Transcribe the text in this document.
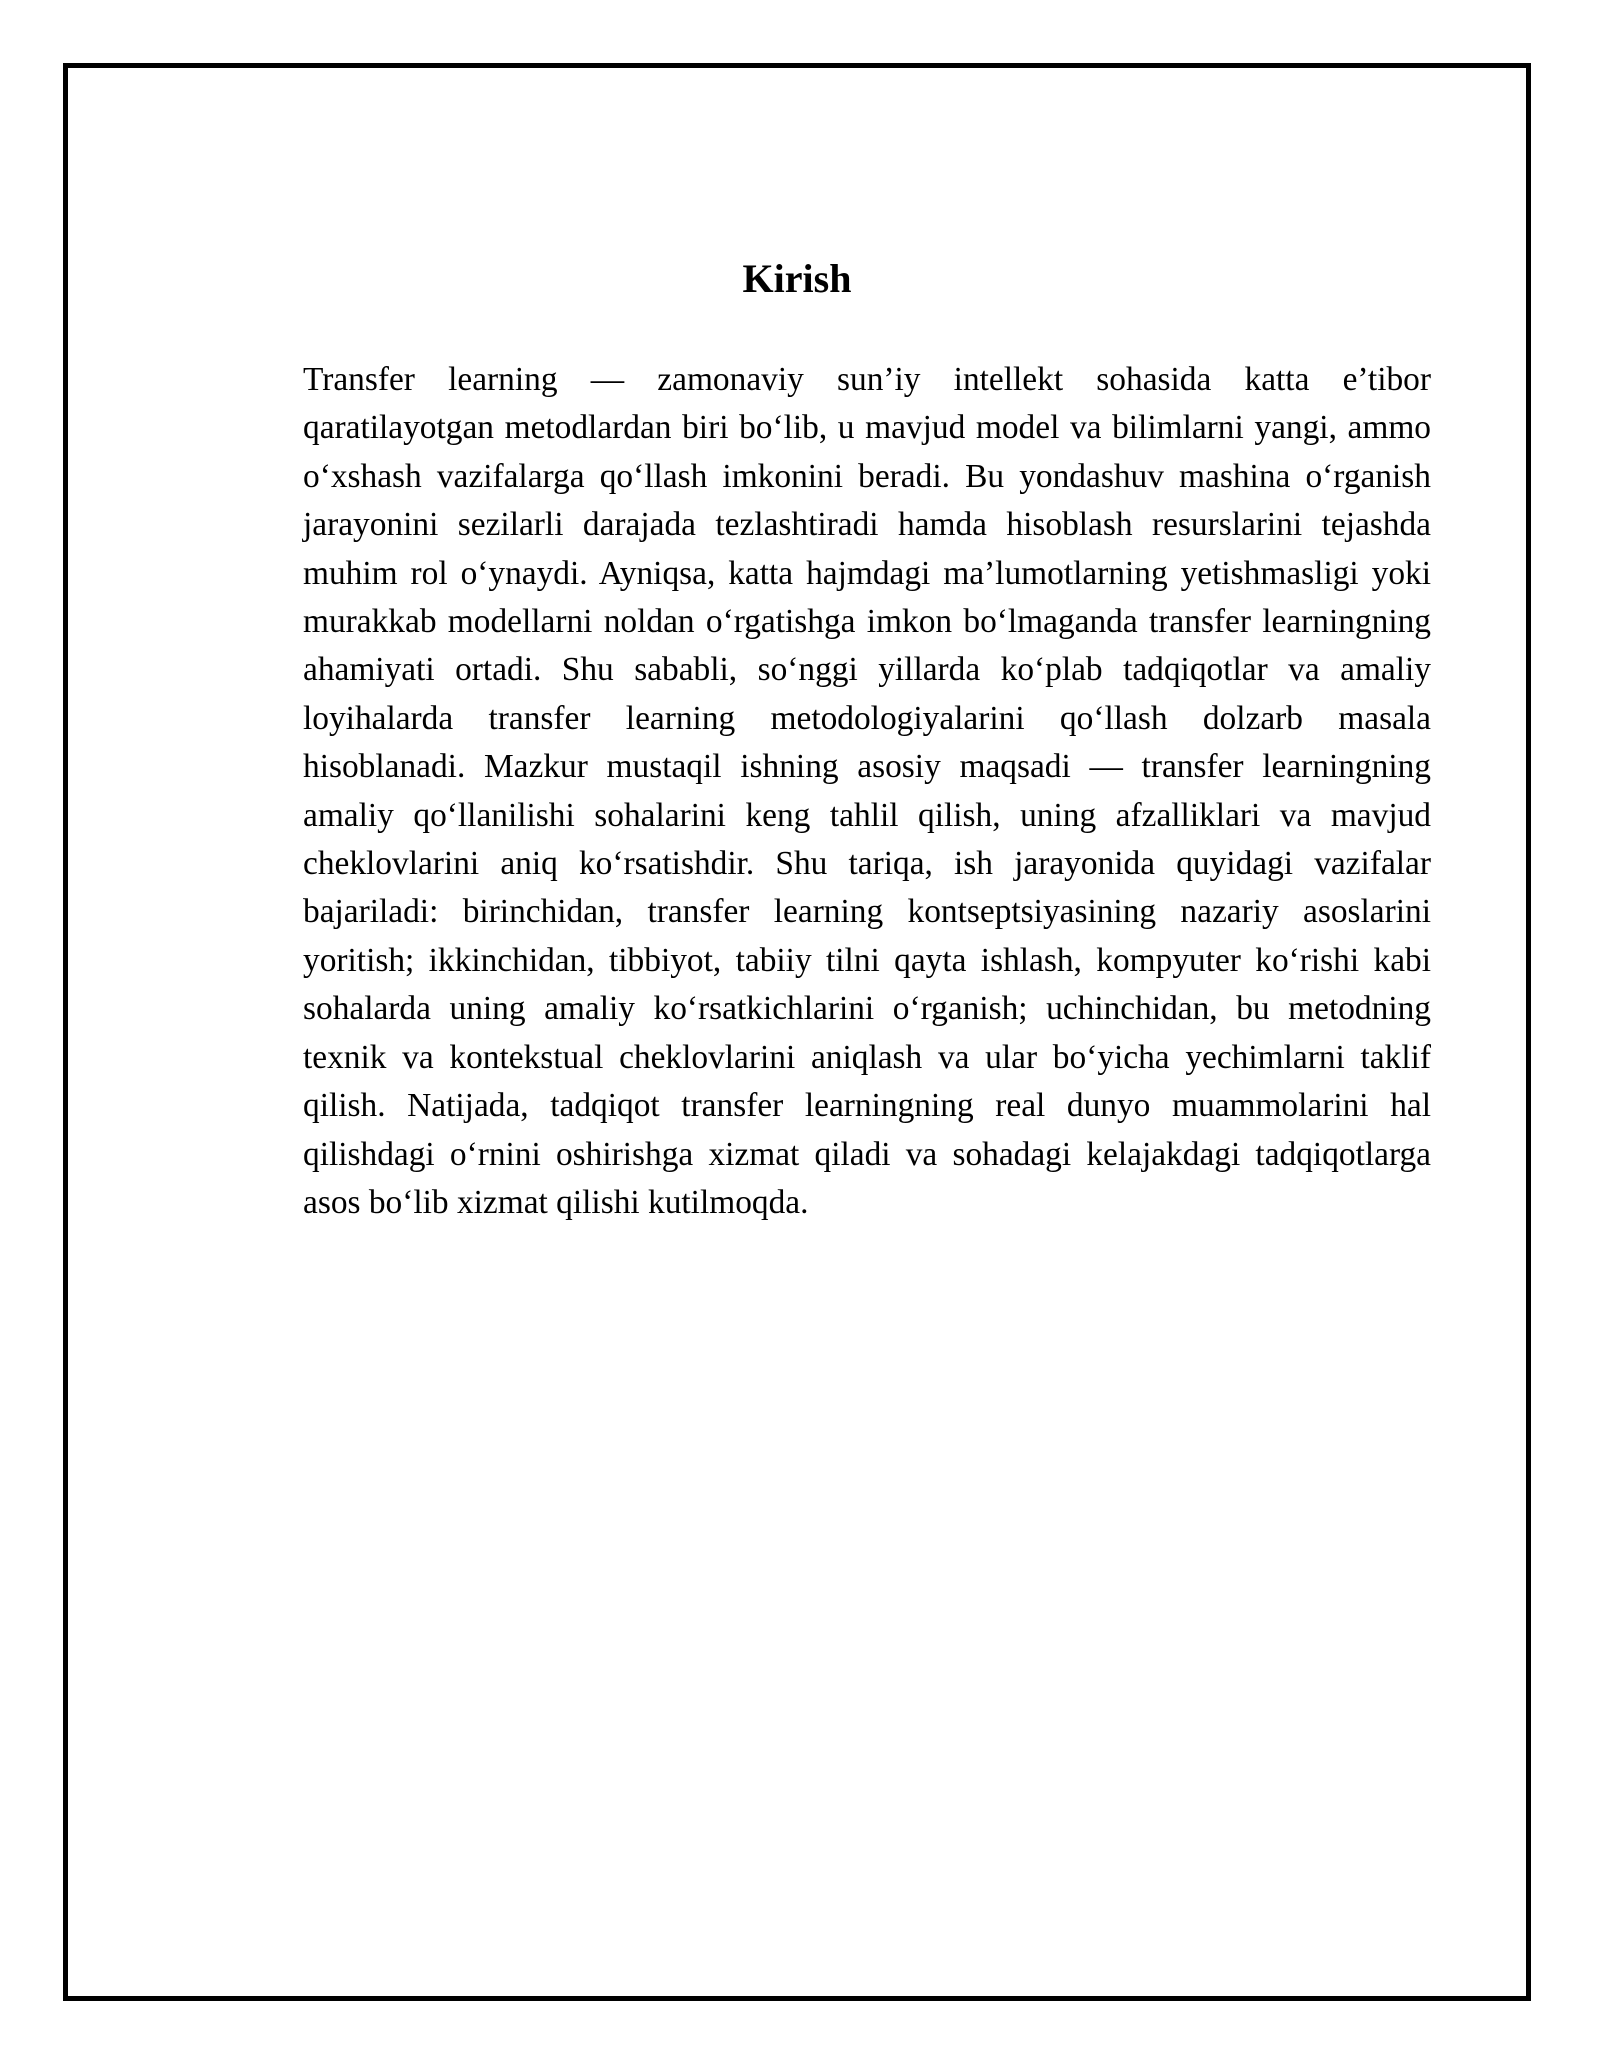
Kirish

Transfer learning — zamonaviy sun’iy intellekt sohasida katta e’tibor qaratilayotgan metodlardan biri bo‘lib, u mavjud model va bilimlarni yangi, ammo o‘xshash vazifalarga qo‘llash imkonini beradi. Bu yondashuv mashina o‘rganish jarayonini sezilarli darajada tezlashtiradi hamda hisoblash resurslarini tejashda muhim rol o‘ynaydi. Ayniqsa, katta hajmdagi ma’lumotlarning yetishmasligi yoki murakkab modellarni noldan o‘rgatishga imkon bo‘lmaganda transfer learningning ahamiyati ortadi. Shu sababli, so‘nggi yillarda ko‘plab tadqiqotlar va amaliy loyihalarda transfer learning metodologiyalarini qo‘llash dolzarb masala hisoblanadi. Mazkur mustaqil ishning asosiy maqsadi — transfer learningning amaliy qo‘llanilishi sohalarini keng tahlil qilish, uning afzalliklari va mavjud cheklovlarini aniq ko‘rsatishdir. Shu tariqa, ish jarayonida quyidagi vazifalar bajariladi: birinchidan, transfer learning kontseptsiyasining nazariy asoslarini yoritish; ikkinchidan, tibbiyot, tabiiy tilni qayta ishlash, kompyuter ko‘rishi kabi sohalarda uning amaliy ko‘rsatkichlarini o‘rganish; uchinchidan, bu metodning texnik va kontekstual cheklovlarini aniqlash va ular bo‘yicha yechimlarni taklif qilish. Natijada, tadqiqot transfer learningning real dunyo muammolarini hal qilishdagi o‘rnini oshirishga xizmat qiladi va sohadagi kelajakdagi tadqiqotlarga asos bo‘lib xizmat qilishi kutilmoqda.
